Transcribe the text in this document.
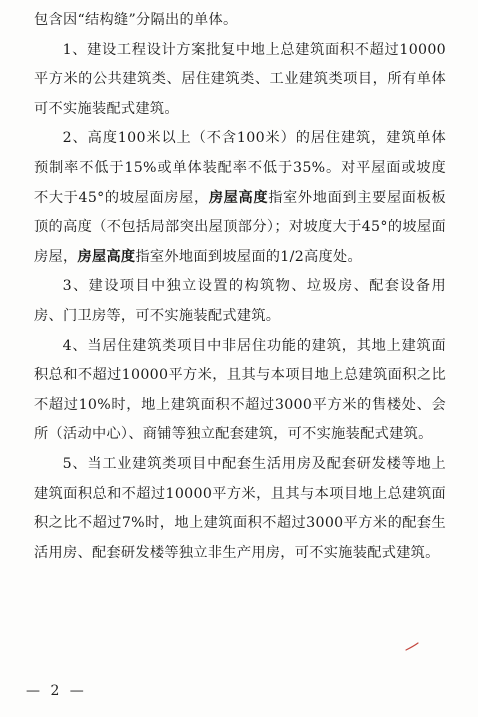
包含因“结构缝”分隔出的单体。

1、建设工程设计方案批复中地上总建筑面积不超过10000平方米的公共建筑类、居住建筑类、工业建筑类项目，所有单体可不实施装配式建筑。

2、高度100米以上（不含100米）的居住建筑，建筑单体预制率不低于15%或单体装配率不低于35%。对平屋面或坡度不大于45°的坡屋面房屋，房屋高度指室外地面到主要屋面板板顶的高度（不包括局部突出屋顶部分）；对坡度大于45°的坡屋面房屋，房屋高度指室外地面到坡屋面的1/2高度处。

3、建设项目中独立设置的构筑物、垃圾房、配套设备用房、门卫房等，可不实施装配式建筑。

4、当居住建筑类项目中非居住功能的建筑，其地上建筑面积总和不超过10000平方米，且其与本项目地上总建筑面积之比不超过10%时，地上建筑面积不超过3000平方米的售楼处、会所（活动中心）、商铺等独立配套建筑，可不实施装配式建筑。

5、当工业建筑类项目中配套生活用房及配套研发楼等地上建筑面积总和不超过10000平方米，且其与本项目地上总建筑面积之比不超过7%时，地上建筑面积不超过3000平方米的配套生活用房、配套研发楼等独立非生产用房，可不实施装配式建筑。

— 2 —
